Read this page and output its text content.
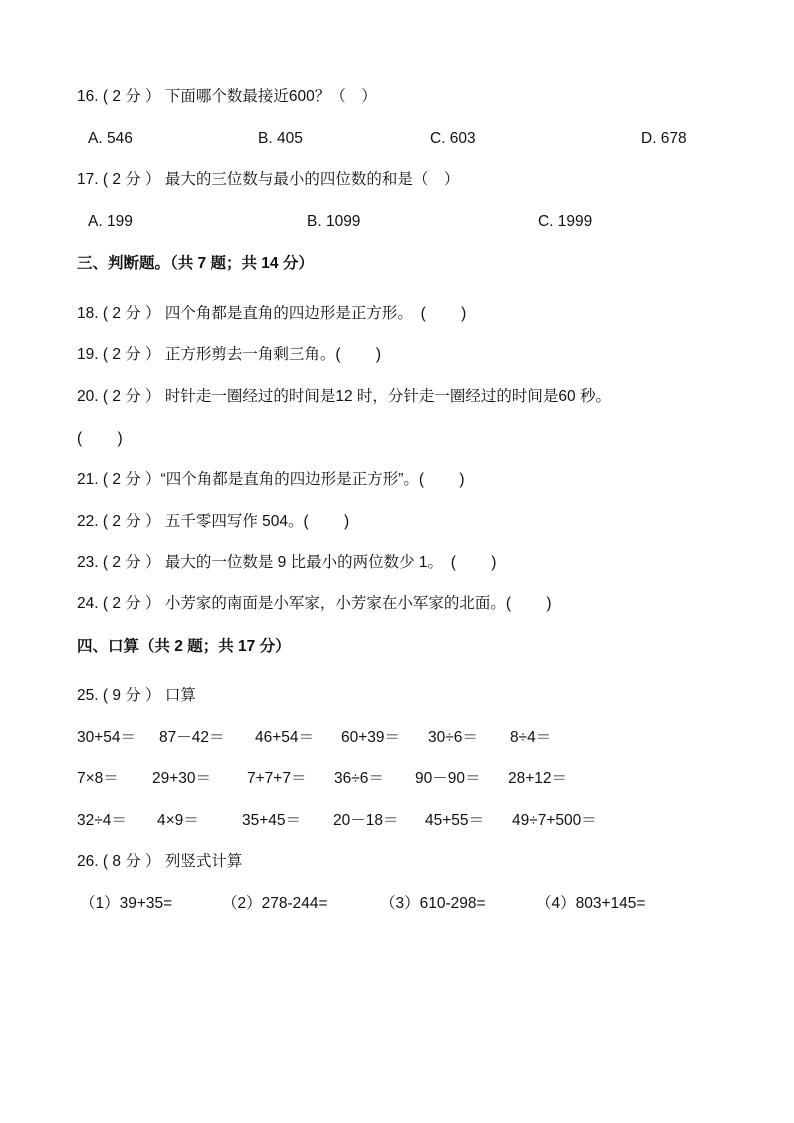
16. ( 2 分 ） 下面哪个数最接近600？（　）
A. 546	B. 405	C. 603	D. 678
17. ( 2 分 ） 最大的三位数与最小的四位数的和是（　）
A. 199	B. 1099	C. 1999
三、判断题。（共 7 题；共 14 分）
18. ( 2 分 ） 四个角都是直角的四边形是正方形。　(　　 )
19. ( 2 分 ） 正方形剪去一角剩三角。(　　 )
20. ( 2 分 ） 时针走一圈经过的时间是12 时，分针走一圈经过的时间是60 秒。
(　　 )
21. ( 2 分 ）“四个角都是直角的四边形是正方形”。(　　 )
22. ( 2 分 ） 五千零四写作 504。(　　 )
23. ( 2 分 ） 最大的一位数是 9 比最小的两位数少 1。　(　　 )
24. ( 2 分 ） 小芳家的南面是小军家，小芳家在小军家的北面。(　　 )
四、口算（共 2 题；共 17 分）
25. ( 9 分 ） 口算
30+54＝ 87－42＝ 46+54＝ 60+39＝ 30÷6＝ 8÷4＝
7×8＝ 29+30＝ 7+7+7＝ 36÷6＝ 90－90＝ 28+12＝
32÷4＝ 4×9＝	35+45＝ 20－18＝ 45+55＝ 49÷7+500＝
26. ( 8 分 ） 列竖式计算
（1）39+35=	（2）278-244=	（3）610-298=	（4）803+145=
